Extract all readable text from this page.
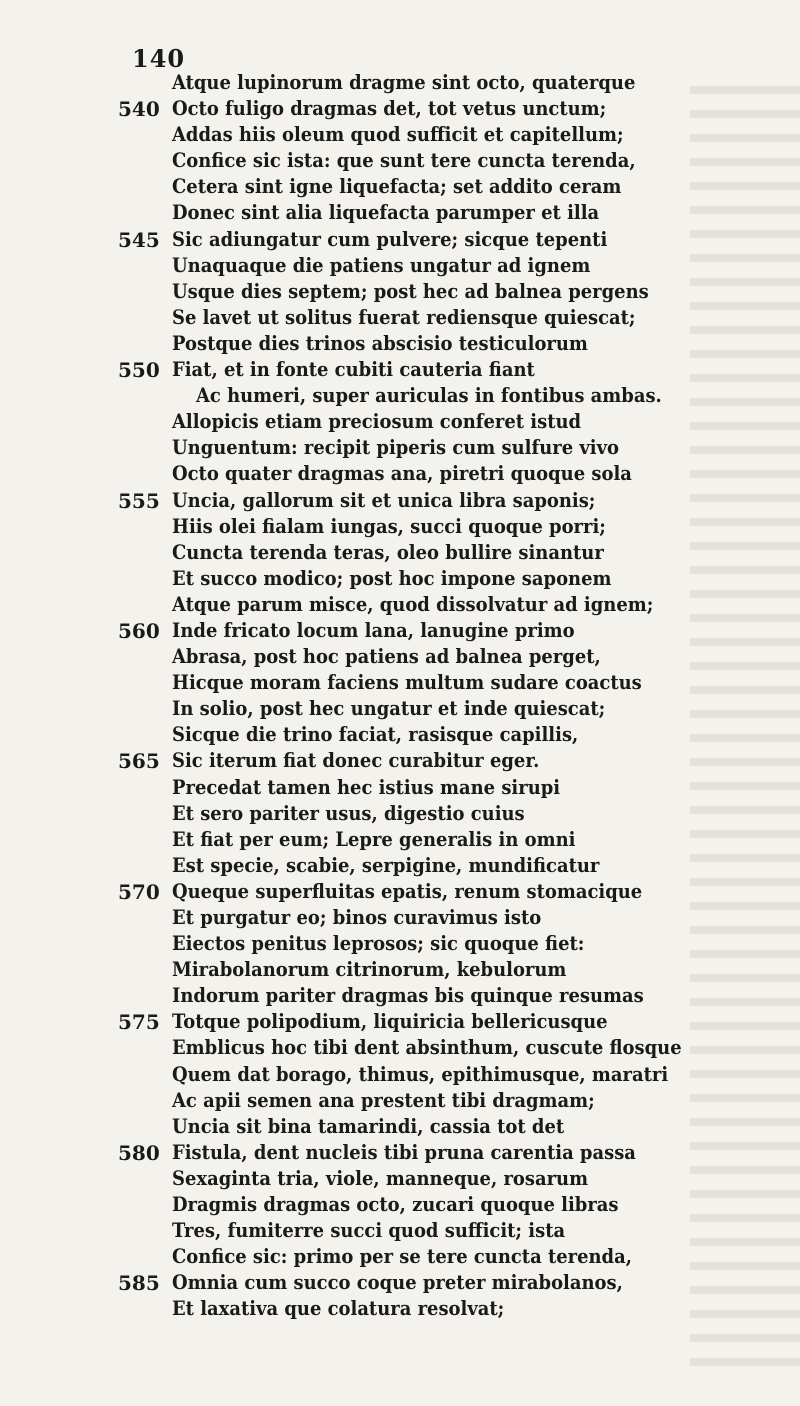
140
Atque lupinorum dragme sint octo, quaterque
540 Octo fuligo dragmas det, tot vetus unctum;
Addas hiis oleum quod sufficit et capitellum;
Confice sic ista: que sunt tere cuncta terenda,
Cetera sint igne liquefacta; set addito ceram
Donec sint alia liquefacta parumper et illa
545 Sic adiungatur cum pulvere; sicque tepenti
Unaquaque die patiens ungatur ad ignem
Usque dies septem; post hec ad balnea pergens
Se lavet ut solitus fuerat rediensque quiescat;
Postque dies trinos abscisio testiculorum
550 Fiat, et in fonte cubiti cauteria fiant
Ac humeri, super auriculas in fontibus ambas.
Allopicis etiam preciosum conferet istud
Unguentum: recipit piperis cum sulfure vivo
Octo quater dragmas ana, piretri quoque sola
555 Uncia, gallorum sit et unica libra saponis;
Hiis olei fialam iungas, succi quoque porri;
Cuncta terenda teras, oleo bullire sinantur
Et succo modico; post hoc impone saponem
Atque parum misce, quod dissolvatur ad ignem;
560 Inde fricato locum lana, lanugine primo
Abrasa, post hoc patiens ad balnea perget,
Hicque moram faciens multum sudare coactus
In solio, post hec ungatur et inde quiescat;
Sicque die trino faciat, rasisque capillis,
565 Sic iterum fiat donec curabitur eger.
Precedat tamen hec istius mane sirupi
Et sero pariter usus, digestio cuius
Et fiat per eum; Lepre generalis in omni
Est specie, scabie, serpigine, mundificatur
570 Queque superfluitas epatis, renum stomacique
Et purgatur eo; binos curavimus isto
Eiectos penitus leprosos; sic quoque fiet:
Mirabolanorum citrinorum, kebulorum
Indorum pariter dragmas bis quinque resumas
575 Totque polipodium, liquiricia bellericusque
Emblicus hoc tibi dent absinthum, cuscute flosque
Quem dat borago, thimus, epithimusque, maratri
Ac apii semen ana prestent tibi dragmam;
Uncia sit bina tamarindi, cassia tot det
580 Fistula, dent nucleis tibi pruna carentia passa
Sexaginta tria, viole, manneque, rosarum
Dragmis dragmas octo, zucari quoque libras
Tres, fumiterre succi quod sufficit; ista
Confice sic: primo per se tere cuncta terenda,
585 Omnia cum succo coque preter mirabolanos,
Et laxativa que colatura resolvat;
